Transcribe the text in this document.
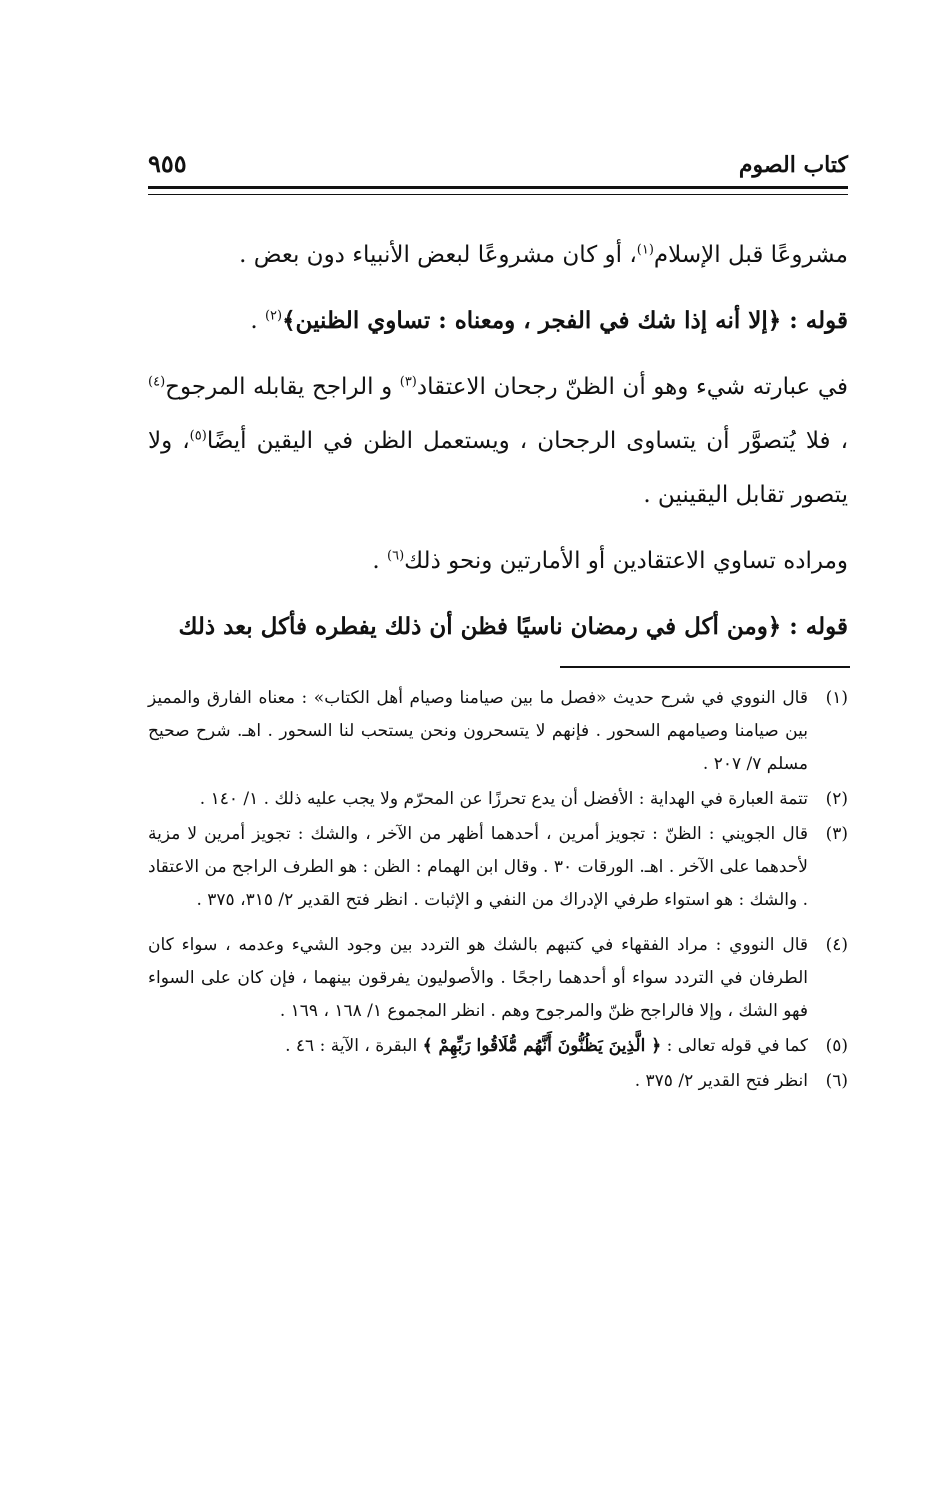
كتاب الصوم
٩٥٥

مشروعًا قبل الإسلام$^{(١)}$، أو كان مشروعًا لبعض الأنبياء دون بعض .

قوله : ﴿إلا أنه إذا شك في الفجر ، ومعناه : تساوي الظنين﴾$^{(٢)}$ .

في عبارته شيء وهو أن الظنّ رجحان الاعتقاد$^{(٣)}$ و الراجح يقابله المرجوح$^{(٤)}$ ، فلا يُتصوَّر أن يتساوى الرجحان ، ويستعمل الظن في اليقين أيضًا$^{(٥)}$، ولا يتصور تقابل اليقينين .

ومراده تساوي الاعتقادين أو الأمارتين ونحو ذلك$^{(٦)}$ .

قوله : ﴿ومن أكل في رمضان ناسيًا فظن أن ذلك يفطره فأكل بعد ذلك

(١)
قال النووي في شرح حديث «فصل ما بين صيامنا وصيام أهل الكتاب» : معناه الفارق والمميز بين صيامنا وصيامهم السحور . فإنهم لا يتسحرون ونحن يستحب لنا السحور . اهـ. شرح صحيح مسلم ٧/ ٢٠٧ .
(٢)
تتمة العبارة في الهداية : الأفضل أن يدع تحرزًا عن المحرّم ولا يجب عليه ذلك . ١/ ١٤٠ .
(٣)
قال الجويني : الظنّ : تجويز أمرين ، أحدهما أظهر من الآخر ، والشك : تجويز أمرين لا مزية لأحدهما على الآخر . اهـ. الورقات ٣٠ . وقال ابن الهمام : الظن : هو الطرف الراجح من الاعتقاد . والشك : هو استواء طرفي الإدراك من النفي و الإثبات . انظر فتح القدير ٢/ ٣١٥، ٣٧٥ .
(٤)
قال النووي : مراد الفقهاء في كتبهم بالشك هو التردد بين وجود الشيء وعدمه ، سواء كان الطرفان في التردد سواء أو أحدهما راجحًا . والأصوليون يفرقون بينهما ، فإن كان على السواء فهو الشك ، وإلا فالراجح ظنّ والمرجوح وهم . انظر المجموع ١/ ١٦٨ ، ١٦٩ .
(٥)
كما في قوله تعالى : ﴿ الَّذِينَ يَظُنُّونَ أَنَّهُم مُّلَاقُوا رَبِّهِمْ ﴾ البقرة ، الآية : ٤٦ .
(٦)
انظر فتح القدير ٢/ ٣٧٥ .
